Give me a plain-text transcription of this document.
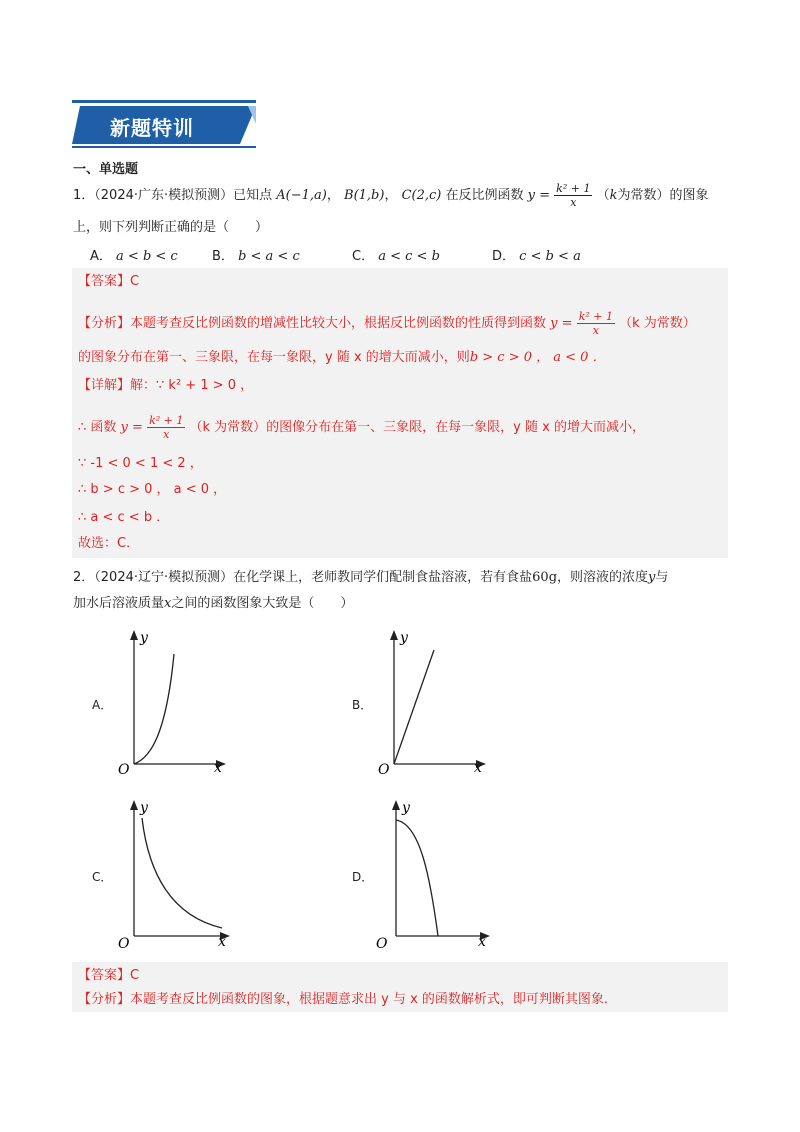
新题特训
一、单选题
1．（2024·广东·模拟预测）已知点 A(−1,a)， B(1,b)， C(2,c) 在反比例函数 $y = \frac{\text{k² + 1}}{x} (k$为常数）的图象
上，则下列判断正确的是（　　）
A． a < b < c	B． b < a < c	C． a < c < b	D． c < b < a
【答案】C
【分析】本题考查反比例函数的增减性比较大小，根据反比例函数的性质得到函数 $y = \frac{\text{k² + 1}}{x} (k$ 为常数）
的图象分布在第一、三象限，在每一象限，y 随 x 的增大而减小，则b > c > 0 ， a < 0 ．
【详解】解：∵ k² + 1 > 0 ，
∴ 函数 $y = \frac{\text{k² + 1}}{x} (k$ 为常数）的图像分布在第一、三象限，在每一象限，y 随 x 的增大而减小，
∵ -1 < 0 < 1 < 2 ，
∴ b > c > 0 ， a < 0 ，
∴ a < c < b ．
故选：C．
2．（2024·辽宁·模拟预测）在化学课上，老师教同学们配制食盐溶液，若有食盐60g，则溶液的浓度y与
加水后溶液质量x之间的函数图象大致是（　　）
A．
y
x
O
B．
y
x
O
C．
y
x
O
D．
y
x
O
【答案】C
【分析】本题考查反比例函数的图象，根据题意求出 y 与 x 的函数解析式，即可判断其图象．
